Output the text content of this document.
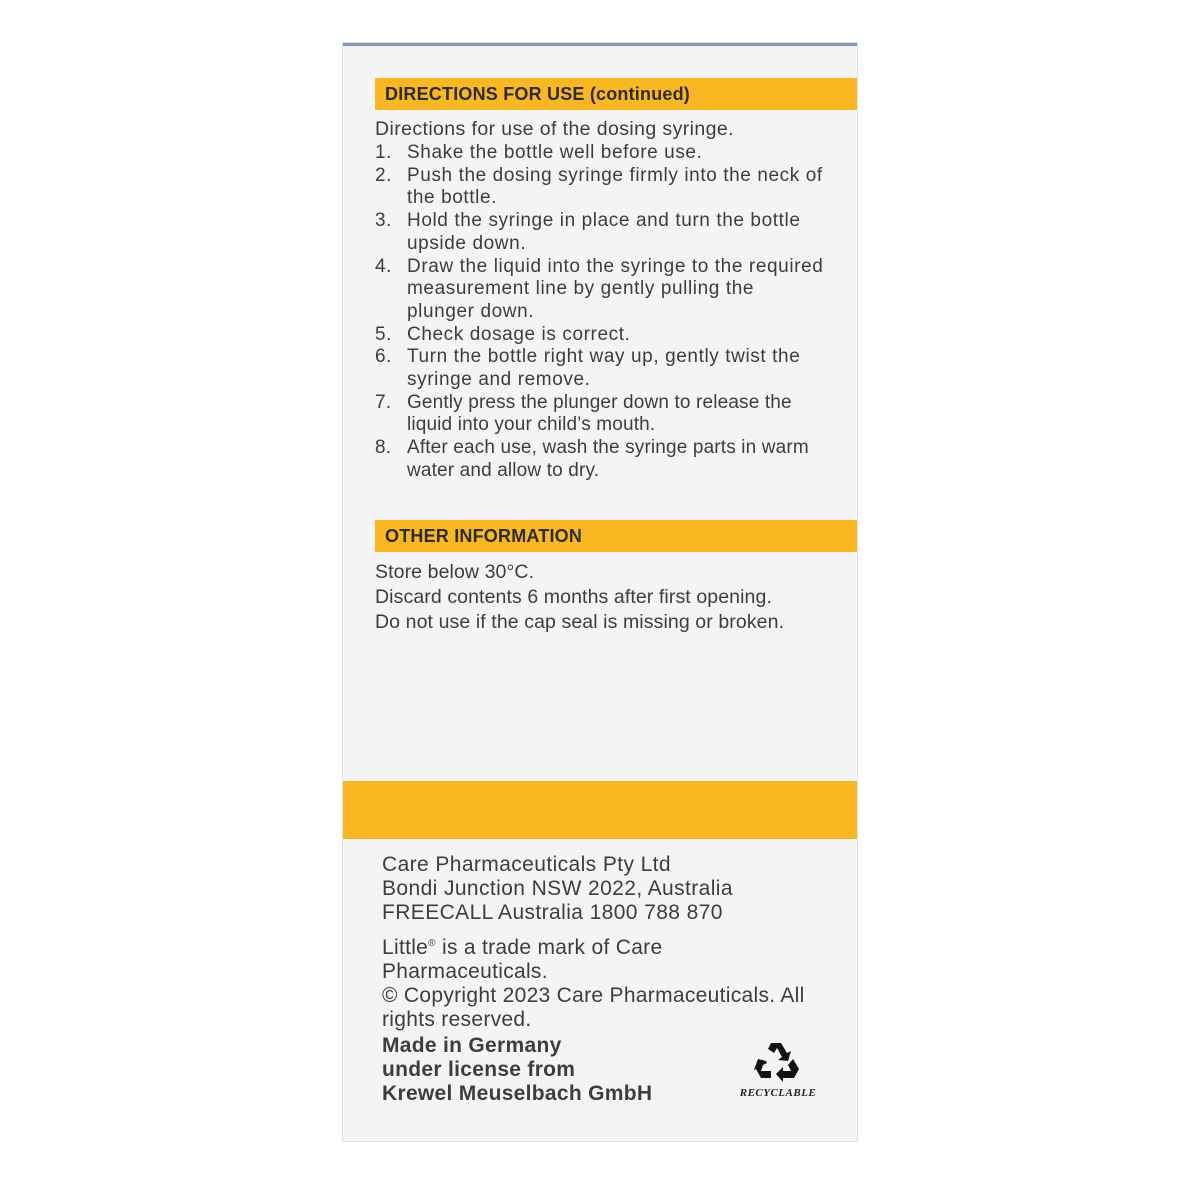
DIRECTIONS FOR USE (continued)
Directions for use of the dosing syringe.
1. Shake the bottle well before use.
2. Push the dosing syringe firmly into the neck of the bottle.
3. Hold the syringe in place and turn the bottle upside down.
4. Draw the liquid into the syringe to the required measurement line by gently pulling the plunger down.
5. Check dosage is correct.
6. Turn the bottle right way up, gently twist the syringe and remove.
7. Gently press the plunger down to release the liquid into your child’s mouth.
8. After each use, wash the syringe parts in warm water and allow to dry.
OTHER INFORMATION
Store below 30°C.
Discard contents 6 months after first opening.
Do not use if the cap seal is missing or broken.
Care Pharmaceuticals Pty Ltd
Bondi Junction NSW 2022, Australia
FREECALL Australia 1800 788 870
Little® is a trade mark of Care Pharmaceuticals.
© Copyright 2023 Care Pharmaceuticals. All rights reserved.
Made in Germany
under license from
Krewel Meuselbach GmbH	RECYCLABLE
